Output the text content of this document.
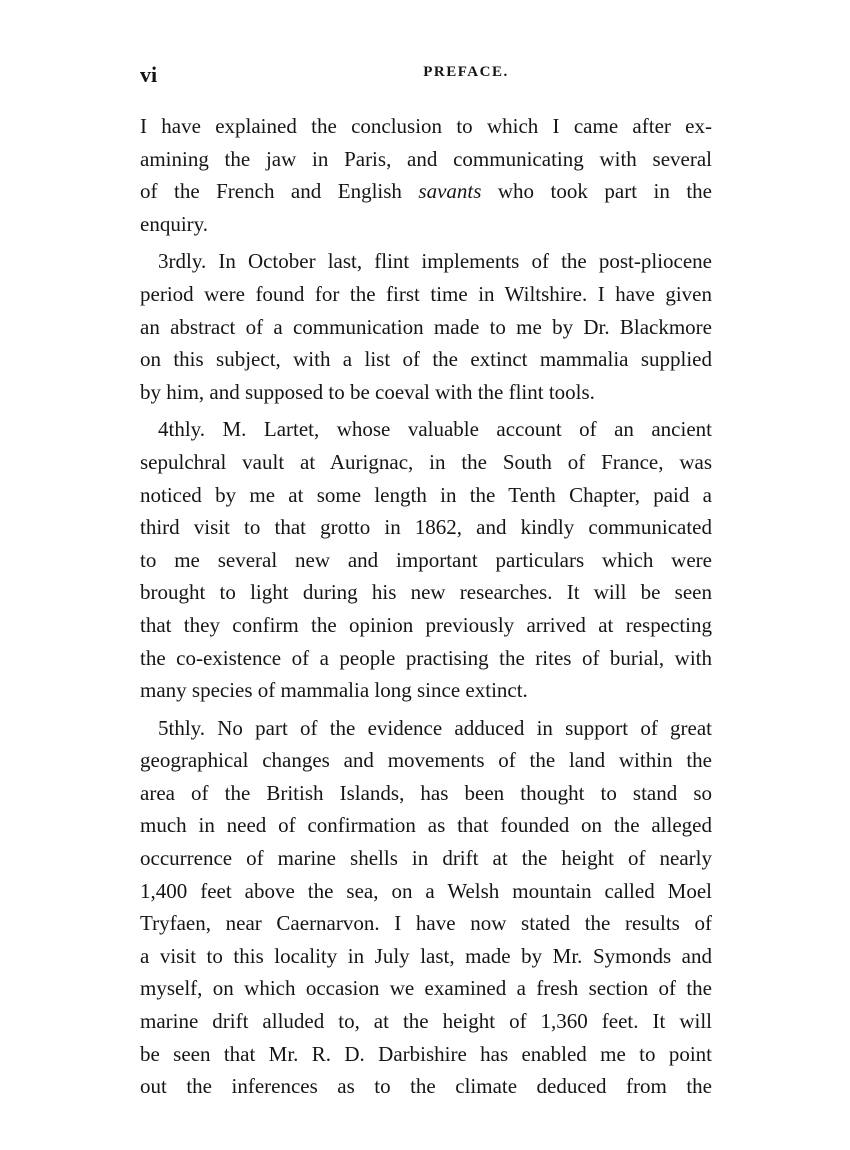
vi	PREFACE.
I have explained the conclusion to which I came after ex-
amining the jaw in Paris, and communicating with several
of the French and English savants who took part in the
enquiry.
3rdly. In October last, flint implements of the post-pliocene
period were found for the first time in Wiltshire. I have given
an abstract of a communication made to me by Dr. Blackmore
on this subject, with a list of the extinct mammalia supplied
by him, and supposed to be coeval with the flint tools.
4thly. M. Lartet, whose valuable account of an ancient
sepulchral vault at Aurignac, in the South of France, was
noticed by me at some length in the Tenth Chapter, paid a
third visit to that grotto in 1862, and kindly communicated
to me several new and important particulars which were
brought to light during his new researches. It will be seen
that they confirm the opinion previously arrived at respecting
the co-existence of a people practising the rites of burial, with
many species of mammalia long since extinct.
5thly. No part of the evidence adduced in support of great
geographical changes and movements of the land within the
area of the British Islands, has been thought to stand so
much in need of confirmation as that founded on the alleged
occurrence of marine shells in drift at the height of nearly
1,400 feet above the sea, on a Welsh mountain called Moel
Tryfaen, near Caernarvon. I have now stated the results of
a visit to this locality in July last, made by Mr. Symonds and
myself, on which occasion we examined a fresh section of the
marine drift alluded to, at the height of 1,360 feet. It will
be seen that Mr. R. D. Darbishire has enabled me to point
out the inferences as to the climate deduced from the
